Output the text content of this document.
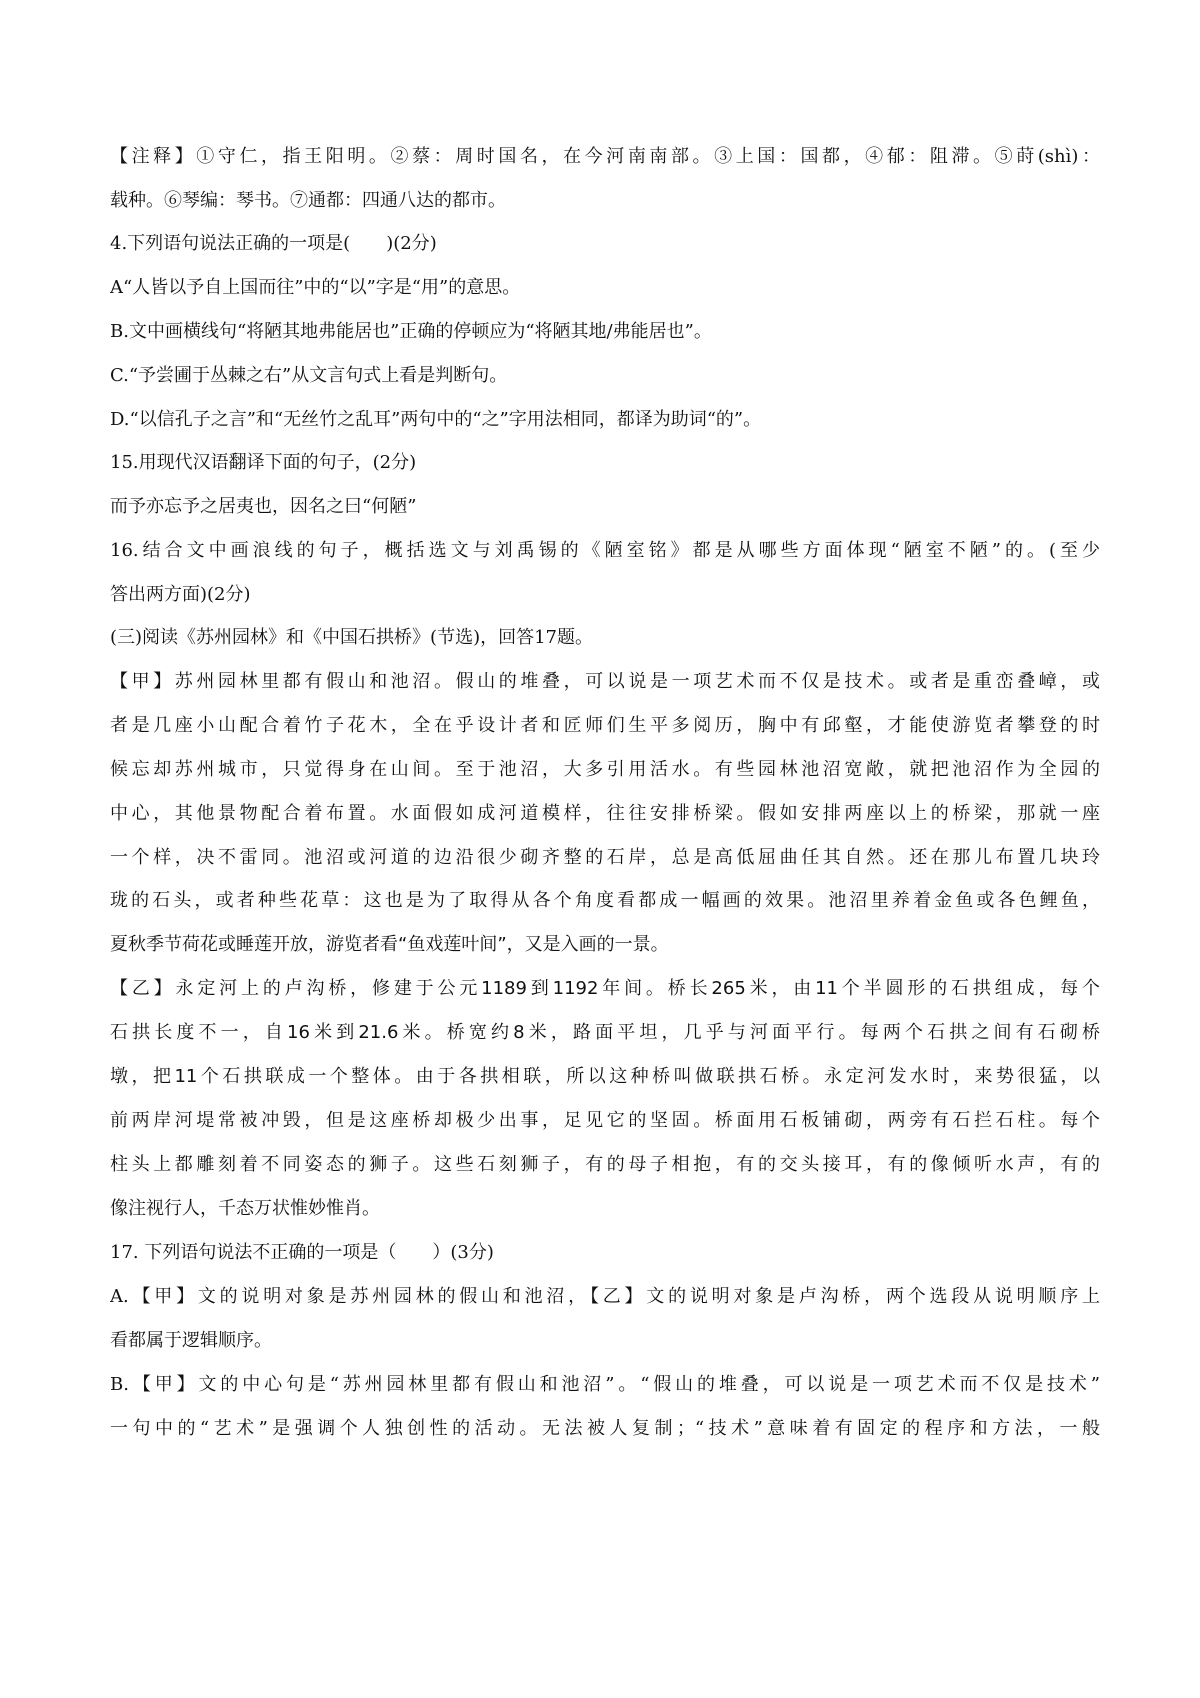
【注释】①守仁，指王阳明。②蔡：周时国名，在今河南南部。③上国：国都，④郁：阻滞。⑤莳(shì)：
载种。⑥琴编：琴书。⑦通都：四通八达的都市。
4.下列语句说法正确的一项是(　　)(2分)
A“人皆以予自上国而往”中的“以”字是“用”的意思。
B.文中画横线句“将陋其地弗能居也”正确的停顿应为“将陋其地/弗能居也”。
C.“予尝圃于丛棘之右”从文言句式上看是判断句。
D.“以信孔子之言”和“无丝竹之乱耳”两句中的“之”字用法相同，都译为助词“的”。
15.用现代汉语翻译下面的句子，(2分)
而予亦忘予之居夷也，因名之曰“何陋”
16.结合文中画浪线的句子，概括选文与刘禹锡的《陋室铭》都是从哪些方面体现“陋室不陋”的。(至少
答出两方面)(2分)
(三)阅读《苏州园林》和《中国石拱桥》(节选)，回答17题。
【甲】苏州园林里都有假山和池沼。假山的堆叠，可以说是一项艺术而不仅是技术。或者是重峦叠嶂，或
者是几座小山配合着竹子花木，全在乎设计者和匠师们生平多阅历，胸中有邱壑，才能使游览者攀登的时
候忘却苏州城市，只觉得身在山间。至于池沼，大多引用活水。有些园林池沼宽敞，就把池沼作为全园的
中心，其他景物配合着布置。水面假如成河道模样，往往安排桥梁。假如安排两座以上的桥梁，那就一座
一个样，决不雷同。池沼或河道的边沿很少砌齐整的石岸，总是高低屈曲任其自然。还在那儿布置几块玲
珑的石头，或者种些花草：这也是为了取得从各个角度看都成一幅画的效果。池沼里养着金鱼或各色鲤鱼，
夏秋季节荷花或睡莲开放，游览者看“鱼戏莲叶间”，又是入画的一景。
【乙】永定河上的卢沟桥，修建于公元1189到1192年间。桥长265米，由11个半圆形的石拱组成，每个
石拱长度不一，自16米到21.6米。桥宽约8米，路面平坦，几乎与河面平行。每两个石拱之间有石砌桥
墩，把11个石拱联成一个整体。由于各拱相联，所以这种桥叫做联拱石桥。永定河发水时，来势很猛，以
前两岸河堤常被冲毁，但是这座桥却极少出事，足见它的坚固。桥面用石板铺砌，两旁有石拦石柱。每个
柱头上都雕刻着不同姿态的狮子。这些石刻狮子，有的母子相抱，有的交头接耳，有的像倾听水声，有的
像注视行人，千态万状惟妙惟肖。
17. 下列语句说法不正确的一项是（　　）(3分)
A.【甲】文的说明对象是苏州园林的假山和池沼，【乙】文的说明对象是卢沟桥，两个选段从说明顺序上
看都属于逻辑顺序。
B.【甲】文的中心句是“苏州园林里都有假山和池沼”。“假山的堆叠，可以说是一项艺术而不仅是技术”
一句中的“艺术”是强调个人独创性的活动。无法被人复制；“技术”意味着有固定的程序和方法，一般
